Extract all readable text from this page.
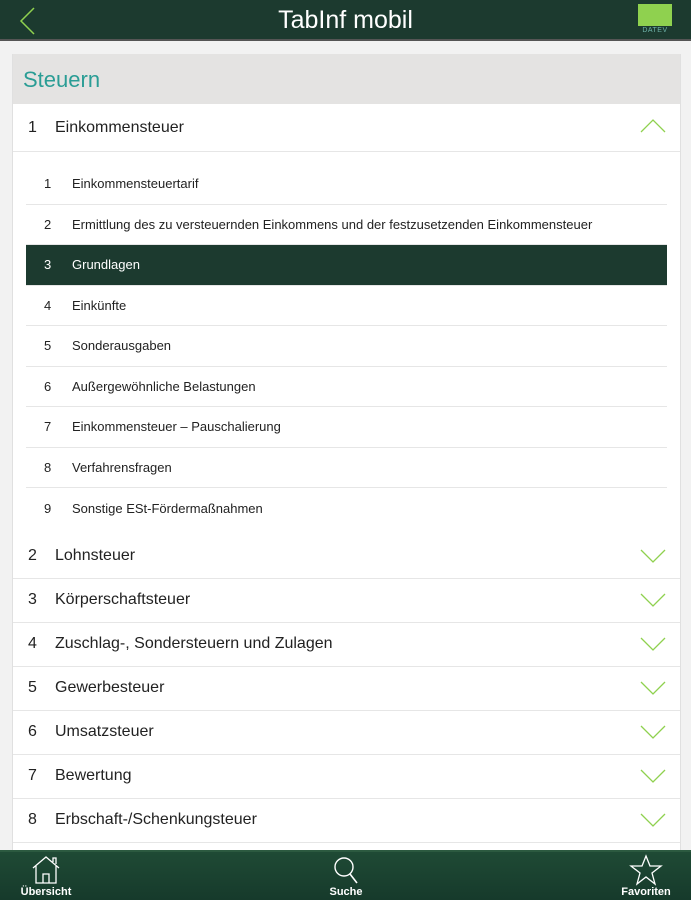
TabInf mobil	DATEV
Steuern
1	Einkommensteuer
1	Einkommensteuertarif
2	Ermittlung des zu versteuernden Einkommens und der festzusetzenden Einkommensteuer
3	Grundlagen
4	Einkünfte
5	Sonderausgaben
6	Außergewöhnliche Belastungen
7	Einkommensteuer – Pauschalierung
8	Verfahrensfragen
9	Sonstige ESt-Fördermaßnahmen
2	Lohnsteuer
3	Körperschaftsteuer
4	Zuschlag-, Sondersteuern und Zulagen
5	Gewerbesteuer
6	Umsatzsteuer
7	Bewertung
8	Erbschaft-/Schenkungsteuer
Übersicht	Suche	Favoriten
